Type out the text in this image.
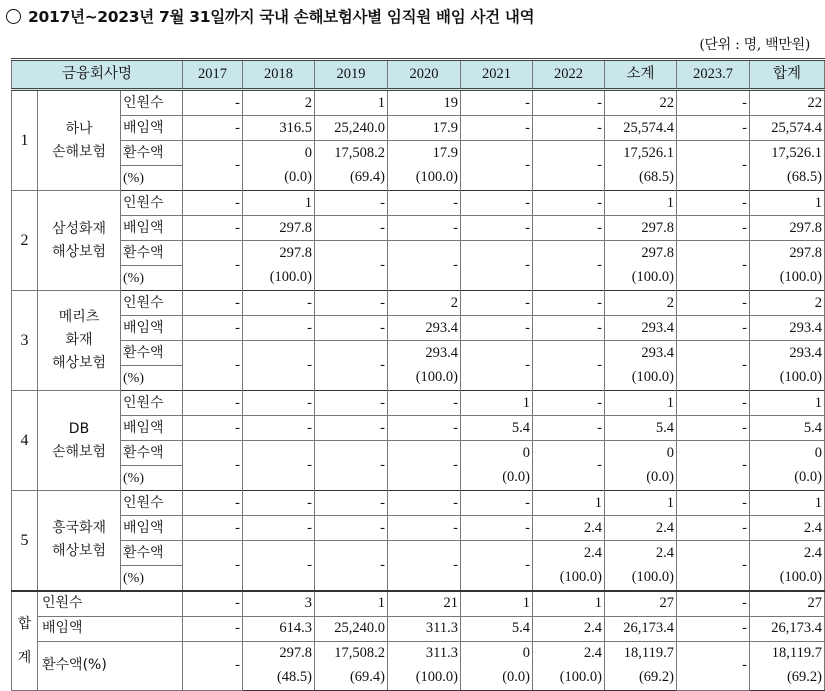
2017년~2023년 7월 31일까지 국내 손해보험사별 임직원 배임 사건 내역
(단위 : 명, 백만원)
금융회사명			2017	2018	2019	2020	2021	2022	소계	2023.7	합계
1	하나
손해보험	인원수	-	2	1	19	-	-	22	-	22
		배임액	-	316.5	25,240.0	17.9	-	-	25,574.4	-	25,574.4
		환수액	-	0	17,508.2	17.9	-	-	17,526.1	-	17,526.1
		(%)		(0.0)	(69.4)	(100.0)			(68.5)		(68.5)

2	삼성화재
해상보험	인원수	-	1	-	-	-	-	1	-	1
		배임액	-	297.8	-	-	-	-	297.8	-	297.8
		환수액	-	297.8	-	-	-	-	297.8	-	297.8
		(%)		(100.0)					(100.0)		(100.0)

3	메리츠
화재
해상보험	인원수	-	-	-	2	-	-	2	-	2
		배임액	-	-	-	293.4	-	-	293.4	-	293.4
		환수액	-	-	-	293.4	-	-	293.4	-	293.4
		(%)				(100.0)			(100.0)		(100.0)

4	DB
손해보험	인원수	-	-	-	-	1	-	1	-	1
		배임액	-	-	-	-	5.4	-	5.4	-	5.4
		환수액	-	-	-	-	0	-	0	-	0
		(%)					(0.0)		(0.0)		(0.0)

5	흥국화재
해상보험	인원수	-	-	-	-	-	1	1	-	1
		배임액	-	-	-	-	-	2.4	2.4	-	2.4
		환수액	-	-	-	-	-	2.4	2.4	-	2.4
		(%)						(100.0)	(100.0)		(100.0)

합
계	인원수		-	3	1	21	1	1	27	-	27
	배임액		-	614.3	25,240.0	311.3	5.4	2.4	26,173.4	-	26,173.4
	환수액(%)		-	297.8	17,508.2	311.3	0	2.4	18,119.7	-	18,119.7
				(48.5)	(69.4)	(100.0)	(0.0)	(100.0)	(69.2)		(69.2)
